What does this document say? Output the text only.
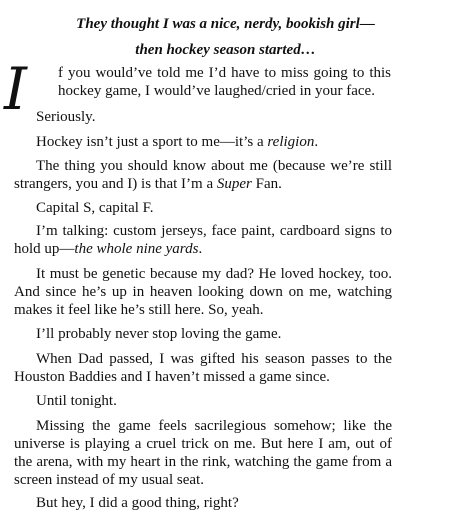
They thought I was a nice, nerdy, bookish girl—
then hockey season started…
I f you would’ve told me I’d have to miss going to this
hockey game, I would’ve laughed/cried in your face.
Seriously.
Hockey isn’t just a sport to me—it’s a religion.
The thing you should know about me (because we’re still strangers, you and I) is that I’m a Super Fan.
Capital S, capital F.
I’m talking: custom jerseys, face paint, cardboard signs to hold up—the whole nine yards.
It must be genetic because my dad? He loved hockey, too. And since he’s up in heaven looking down on me, watching makes it feel like he’s still here. So, yeah.
I’ll probably never stop loving the game.
When Dad passed, I was gifted his season passes to the Houston Baddies and I haven’t missed a game since.
Until tonight.
Missing the game feels sacrilegious somehow; like the universe is playing a cruel trick on me. But here I am, out of the arena, with my heart in the rink, watching the game from a screen instead of my usual seat.
But hey, I did a good thing, right?
